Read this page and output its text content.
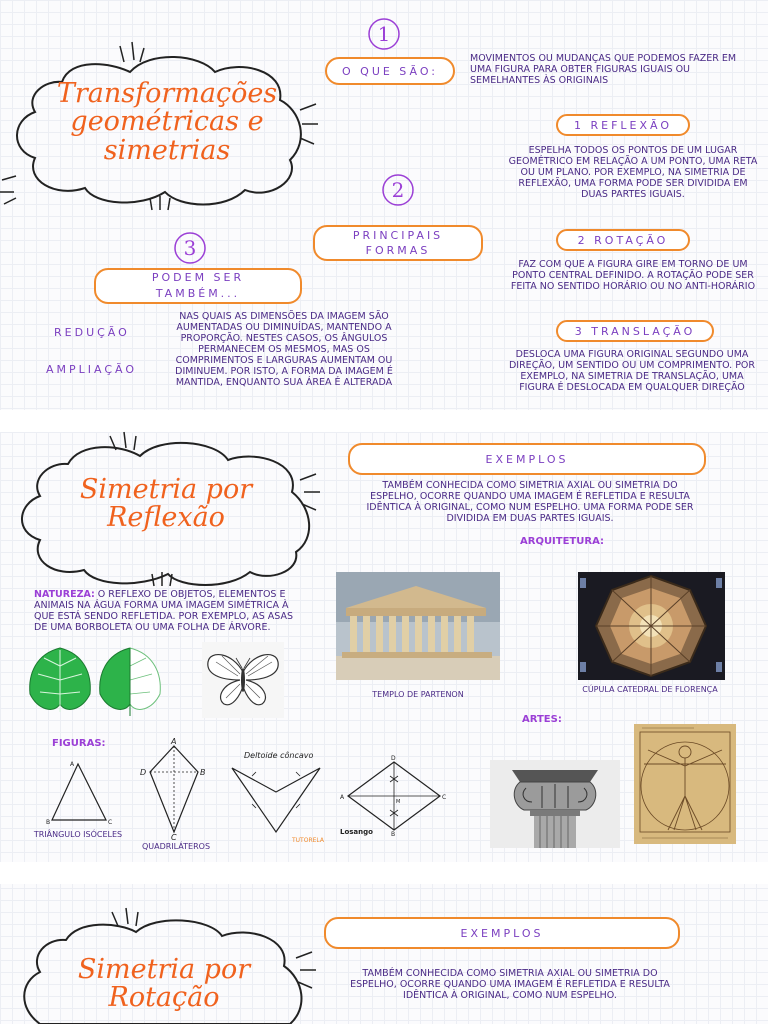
Transformações
geométricas e
simetrias
1
2
3
O QUE SÃO:
MOVIMENTOS OU MUDANÇAS QUE PODEMOS FAZER EM UMA FIGURA PARA OBTER FIGURAS IGUAIS OU SEMELHANTES ÀS ORIGINAIS
PRINCIPAIS FORMAS
1 REFLEXÃO
ESPELHA TODOS OS PONTOS DE UM LUGAR GEOMÉTRICO EM RELAÇÃO A UM PONTO, UMA RETA OU UM PLANO. POR EXEMPLO, NA SIMETRIA DE REFLEXÃO, UMA FORMA PODE SER DIVIDIDA EM DUAS PARTES IGUAIS.
2 ROTAÇÃO
FAZ COM QUE A FIGURA GIRE EM TORNO DE UM PONTO CENTRAL DEFINIDO. A ROTAÇÃO PODE SER FEITA NO SENTIDO HORÁRIO OU NO ANTI-HORÁRIO
3 TRANSLAÇÃO
DESLOCA UMA FIGURA ORIGINAL SEGUNDO UMA DIREÇÃO, UM SENTIDO OU UM COMPRIMENTO. POR EXEMPLO, NA SIMETRIA DE TRANSLAÇÃO, UMA FIGURA É DESLOCADA EM QUALQUER DIREÇÃO
PODEM SER
TAMBÉM...
REDUÇÃO
AMPLIAÇÃO
NAS QUAIS AS DIMENSÕES DA IMAGEM SÃO AUMENTADAS OU DIMINUÍDAS, MANTENDO A PROPORÇÃO. NESTES CASOS, OS ÂNGULOS PERMANECEM OS MESMOS, MAS OS COMPRIMENTOS E LARGURAS AUMENTAM OU DIMINUEM. POR ISTO, A FORMA DA IMAGEM É MANTIDA, ENQUANTO SUA ÁREA É ALTERADA
Simetria por
Reflexão
EXEMPLOS
TAMBÉM CONHECIDA COMO SIMETRIA AXIAL OU SIMETRIA DO ESPELHO, OCORRE QUANDO UMA IMAGEM É REFLETIDA E RESULTA IDÊNTICA À ORIGINAL, COMO NUM ESPELHO. UMA FORMA PODE SER DIVIDIDA EM DUAS PARTES IGUAIS.
ARQUITETURA:
NATUREZA: O REFLEXO DE OBJETOS, ELEMENTOS E ANIMAIS NA ÁGUA FORMA UMA IMAGEM SIMÉTRICA À QUE ESTÁ SENDO REFLETIDA. POR EXEMPLO, AS ASAS DE UMA BORBOLETA OU UMA FOLHA DE ÁRVORE.
TEMPLO DE PARTENON
CÚPULA CATEDRAL DE FLORENÇA
ARTES:
FIGURAS:
A
B	C
TRIÂNGULO ISÓCELES
A
B
C
D
QUADRILÁTEROS
Deltoide côncavo
TUTORELA
D
A	C
B
M
Losango
Simetria por
Rotação
EXEMPLOS
TAMBÉM CONHECIDA COMO SIMETRIA AXIAL OU SIMETRIA DO ESPELHO, OCORRE QUANDO UMA IMAGEM É REFLETIDA E RESULTA IDÊNTICA À ORIGINAL, COMO NUM ESPELHO.
